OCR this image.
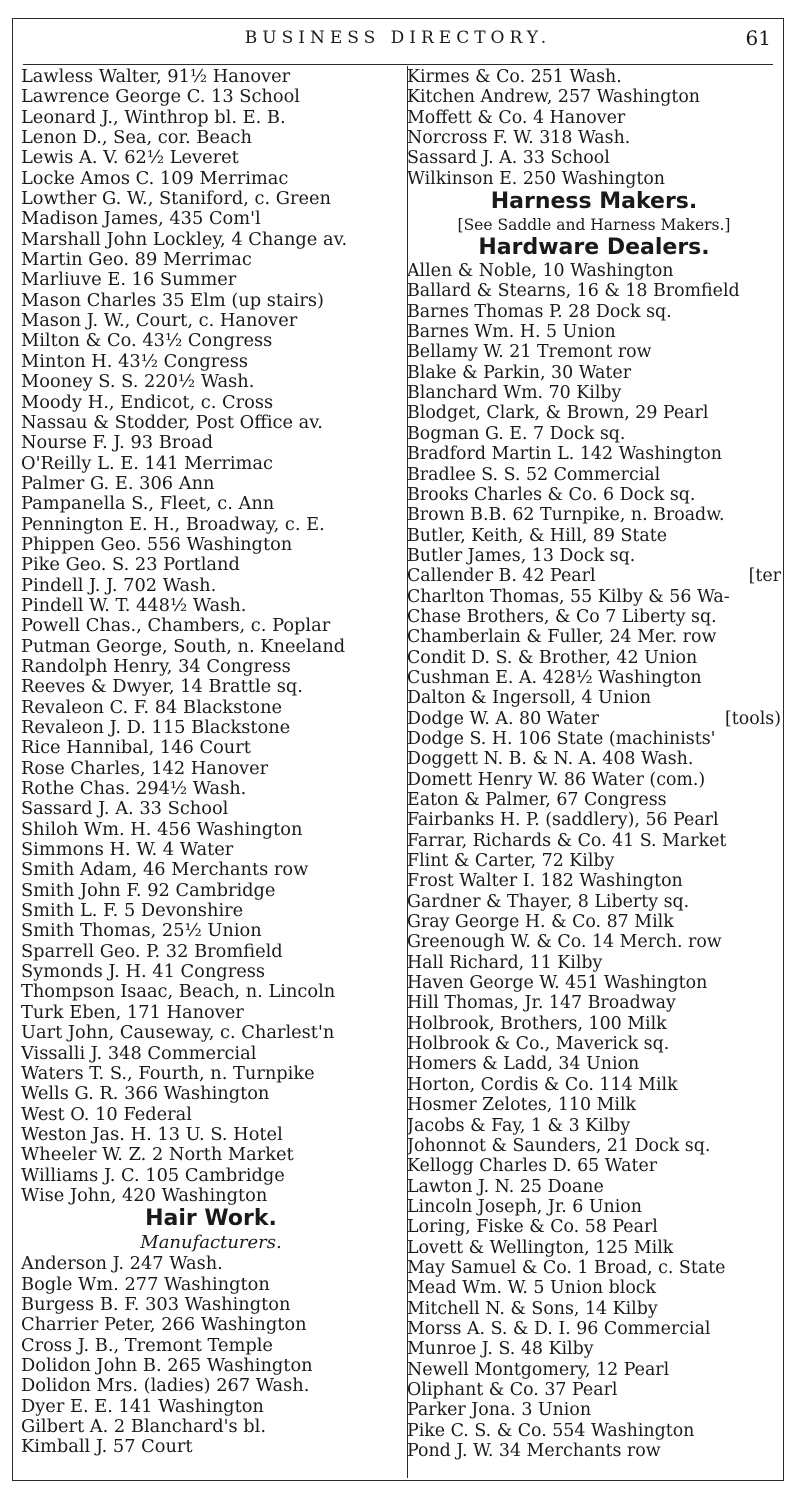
BUSINESS DIRECTORY.	61
Lawless Walter, 91½ Hanover
Lawrence George C. 13 School
Leonard J., Winthrop bl. E. B.
Lenon D., Sea, cor. Beach
Lewis A. V. 62½ Leveret
Locke Amos C. 109 Merrimac
Lowther G. W., Staniford, c. Green
Madison James, 435 Com'l
Marshall John Lockley, 4 Change av.
Martin Geo. 89 Merrimac
Marliuve E. 16 Summer
Mason Charles 35 Elm (up stairs)
Mason J. W., Court, c. Hanover
Milton & Co. 43½ Congress
Minton H. 43½ Congress
Mooney S. S. 220½ Wash.
Moody H., Endicot, c. Cross
Nassau & Stodder, Post Office av.
Nourse F. J. 93 Broad
O'Reilly L. E. 141 Merrimac
Palmer G. E. 306 Ann
Pampanella S., Fleet, c. Ann
Pennington E. H., Broadway, c. E.
Phippen Geo. 556 Washington
Pike Geo. S. 23 Portland
Pindell J. J. 702 Wash.
Pindell W. T. 448½ Wash.
Powell Chas., Chambers, c. Poplar
Putman George, South, n. Kneeland
Randolph Henry, 34 Congress
Reeves & Dwyer, 14 Brattle sq.
Revaleon C. F. 84 Blackstone
Revaleon J. D. 115 Blackstone
Rice Hannibal, 146 Court
Rose Charles, 142 Hanover
Rothe Chas. 294½ Wash.
Sassard J. A. 33 School
Shiloh Wm. H. 456 Washington
Simmons H. W. 4 Water
Smith Adam, 46 Merchants row
Smith John F. 92 Cambridge
Smith L. F. 5 Devonshire
Smith Thomas, 25½ Union
Sparrell Geo. P. 32 Bromfield
Symonds J. H. 41 Congress
Thompson Isaac, Beach, n. Lincoln
Turk Eben, 171 Hanover
Uart John, Causeway, c. Charlest'n
Vissalli J. 348 Commercial
Waters T. S., Fourth, n. Turnpike
Wells G. R. 366 Washington
West O. 10 Federal
Weston Jas. H. 13 U. S. Hotel
Wheeler W. Z. 2 North Market
Williams J. C. 105 Cambridge
Wise John, 420 Washington
Hair Work.
Manufacturers.
Anderson J. 247 Wash.
Bogle Wm. 277 Washington
Burgess B. F. 303 Washington
Charrier Peter, 266 Washington
Cross J. B., Tremont Temple
Dolidon John B. 265 Washington
Dolidon Mrs. (ladies) 267 Wash.
Dyer E. E. 141 Washington
Gilbert A. 2 Blanchard's bl.
Kimball J. 57 Court
Kirmes & Co. 251 Wash.
Kitchen Andrew, 257 Washington
Moffett & Co. 4 Hanover
Norcross F. W. 318 Wash.
Sassard J. A. 33 School
Wilkinson E. 250 Washington
Harness Makers.
[See Saddle and Harness Makers.]
Hardware Dealers.
Allen & Noble, 10 Washington
Ballard & Stearns, 16 & 18 Bromfield
Barnes Thomas P. 28 Dock sq.
Barnes Wm. H. 5 Union
Bellamy W. 21 Tremont row
Blake & Parkin, 30 Water
Blanchard Wm. 70 Kilby
Blodget, Clark, & Brown, 29 Pearl
Bogman G. E. 7 Dock sq.
Bradford Martin L. 142 Washington
Bradlee S. S. 52 Commercial
Brooks Charles & Co. 6 Dock sq.
Brown B.B. 62 Turnpike, n. Broadw.
Butler, Keith, & Hill, 89 State
Butler James, 13 Dock sq.
[ter
Callender B. 42 Pearl
Charlton Thomas, 55 Kilby & 56 Wa-
Chase Brothers, & Co 7 Liberty sq.
Chamberlain & Fuller, 24 Mer. row
Condit D. S. & Brother, 42 Union
Cushman E. A. 428½ Washington
Dalton & Ingersoll, 4 Union
[tools)
Dodge W. A. 80 Water
Dodge S. H. 106 State (machinists'
Doggett N. B. & N. A. 408 Wash.
Domett Henry W. 86 Water (com.)
Eaton & Palmer, 67 Congress
Fairbanks H. P. (saddlery), 56 Pearl
Farrar, Richards & Co. 41 S. Market
Flint & Carter, 72 Kilby
Frost Walter I. 182 Washington
Gardner & Thayer, 8 Liberty sq.
Gray George H. & Co. 87 Milk
Greenough W. & Co. 14 Merch. row
Hall Richard, 11 Kilby
Haven George W. 451 Washington
Hill Thomas, Jr. 147 Broadway
Holbrook, Brothers, 100 Milk
Holbrook & Co., Maverick sq.
Homers & Ladd, 34 Union
Horton, Cordis & Co. 114 Milk
Hosmer Zelotes, 110 Milk
Jacobs & Fay, 1 & 3 Kilby
Johonnot & Saunders, 21 Dock sq.
Kellogg Charles D. 65 Water
Lawton J. N. 25 Doane
Lincoln Joseph, Jr. 6 Union
Loring, Fiske & Co. 58 Pearl
Lovett & Wellington, 125 Milk
May Samuel & Co. 1 Broad, c. State
Mead Wm. W. 5 Union block
Mitchell N. & Sons, 14 Kilby
Morss A. S. & D. I. 96 Commercial
Munroe J. S. 48 Kilby
Newell Montgomery, 12 Pearl
Oliphant & Co. 37 Pearl
Parker Jona. 3 Union
Pike C. S. & Co. 554 Washington
Pond J. W. 34 Merchants row
